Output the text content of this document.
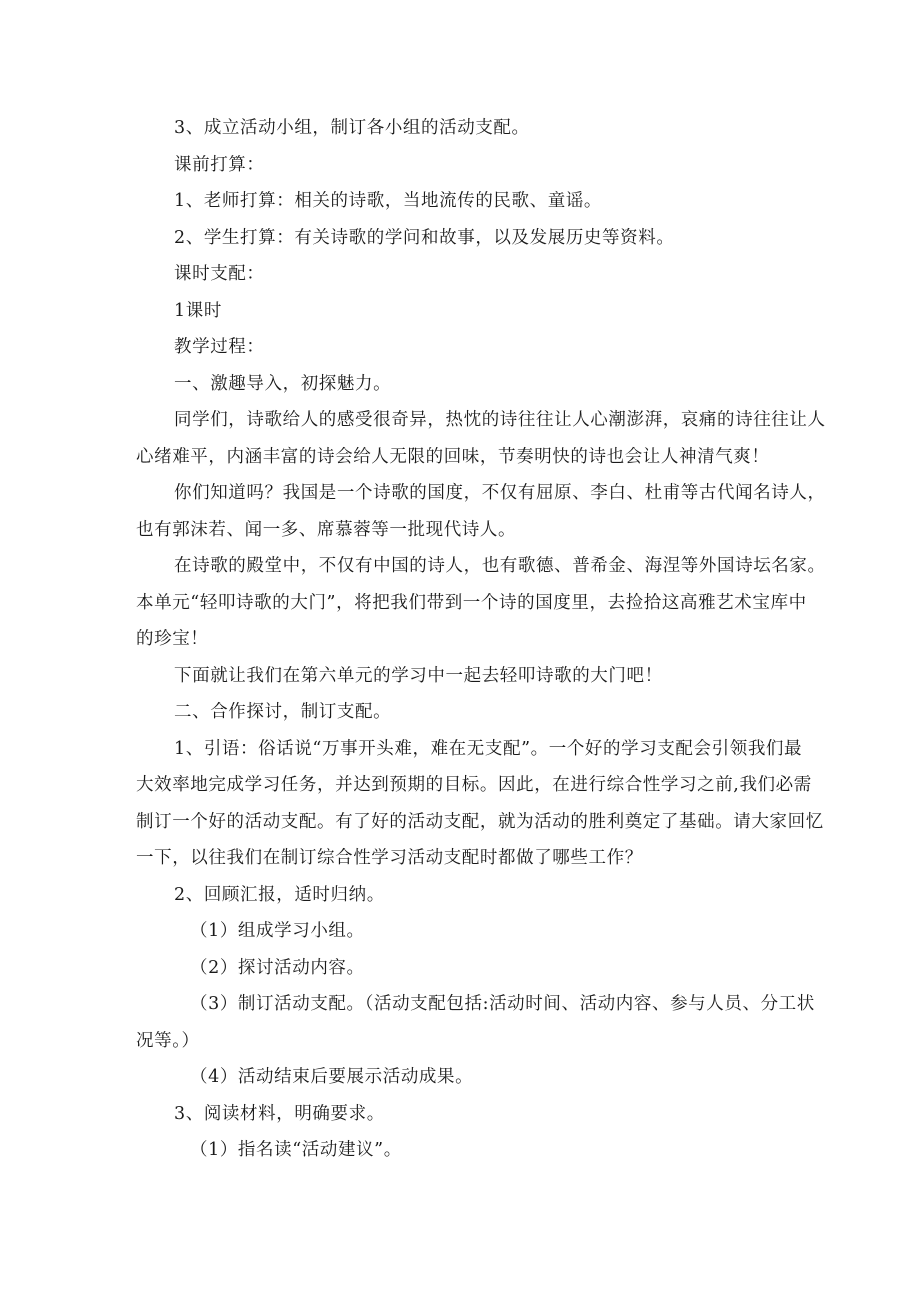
3、成立活动小组，制订各小组的活动支配。
课前打算：
1、老师打算：相关的诗歌，当地流传的民歌、童谣。
2、学生打算：有关诗歌的学问和故事，以及发展历史等资料。
课时支配：
1课时
教学过程：
一、激趣导入，初探魅力。
同学们，诗歌给人的感受很奇异，热忱的诗往往让人心潮澎湃，哀痛的诗往往让人
心绪难平，内涵丰富的诗会给人无限的回味，节奏明快的诗也会让人神清气爽！
你们知道吗？我国是一个诗歌的国度，不仅有屈原、李白、杜甫等古代闻名诗人，
也有郭沫若、闻一多、席慕蓉等一批现代诗人。
在诗歌的殿堂中，不仅有中国的诗人，也有歌德、普希金、海涅等外国诗坛名家。
本单元“轻叩诗歌的大门”，将把我们带到一个诗的国度里，去捡拾这高雅艺术宝库中
的珍宝！
下面就让我们在第六单元的学习中一起去轻叩诗歌的大门吧！
二、合作探讨，制订支配。
1、引语：俗话说“万事开头难，难在无支配”。一个好的学习支配会引领我们最
大效率地完成学习任务，并达到预期的目标。因此，在进行综合性学习之前,我们必需
制订一个好的活动支配。有了好的活动支配，就为活动的胜利奠定了基础。请大家回忆
一下，以往我们在制订综合性学习活动支配时都做了哪些工作？
2、回顾汇报，适时归纳。
（1）组成学习小组。
（2）探讨活动内容。
（3）制订活动支配。（活动支配包括:活动时间、活动内容、参与人员、分工状
况等。）
（4）活动结束后要展示活动成果。
3、阅读材料，明确要求。
（1）指名读“活动建议”。
